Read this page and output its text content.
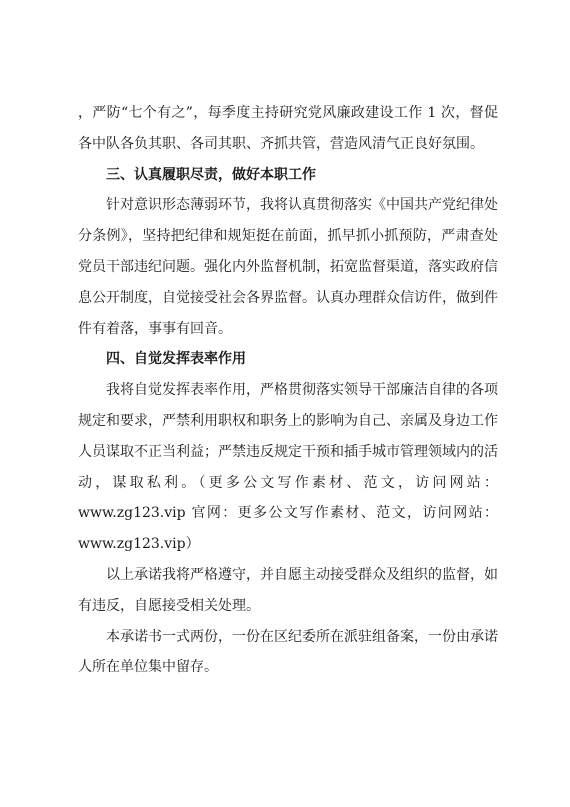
，严防“七个有之”，每季度主持研究党风廉政建设工作 1 次，督促各中队各负其职、各司其职、齐抓共管，营造风清气正良好氛围。

三、认真履职尽责，做好本职工作

针对意识形态薄弱环节，我将认真贯彻落实《中国共产党纪律处分条例》，坚持把纪律和规矩挺在前面，抓早抓小抓预防，严肃查处党员干部违纪问题。强化内外监督机制，拓宽监督渠道，落实政府信息公开制度，自觉接受社会各界监督。认真办理群众信访件，做到件件有着落，事事有回音。

四、自觉发挥表率作用

我将自觉发挥表率作用，严格贯彻落实领导干部廉洁自律的各项规定和要求，严禁利用职权和职务上的影响为自己、亲属及身边工作人员谋取不正当利益；严禁违反规定干预和插手城市管理领域内的活动，谋取私利。（更多公文写作素材、范文，访问网站：www.zg123.vip 官网：更多公文写作素材、范文，访问网站：www.zg123.vip）

以上承诺我将严格遵守，并自愿主动接受群众及组织的监督，如有违反，自愿接受相关处理。

本承诺书一式两份，一份在区纪委所在派驻组备案，一份由承诺人所在单位集中留存。
